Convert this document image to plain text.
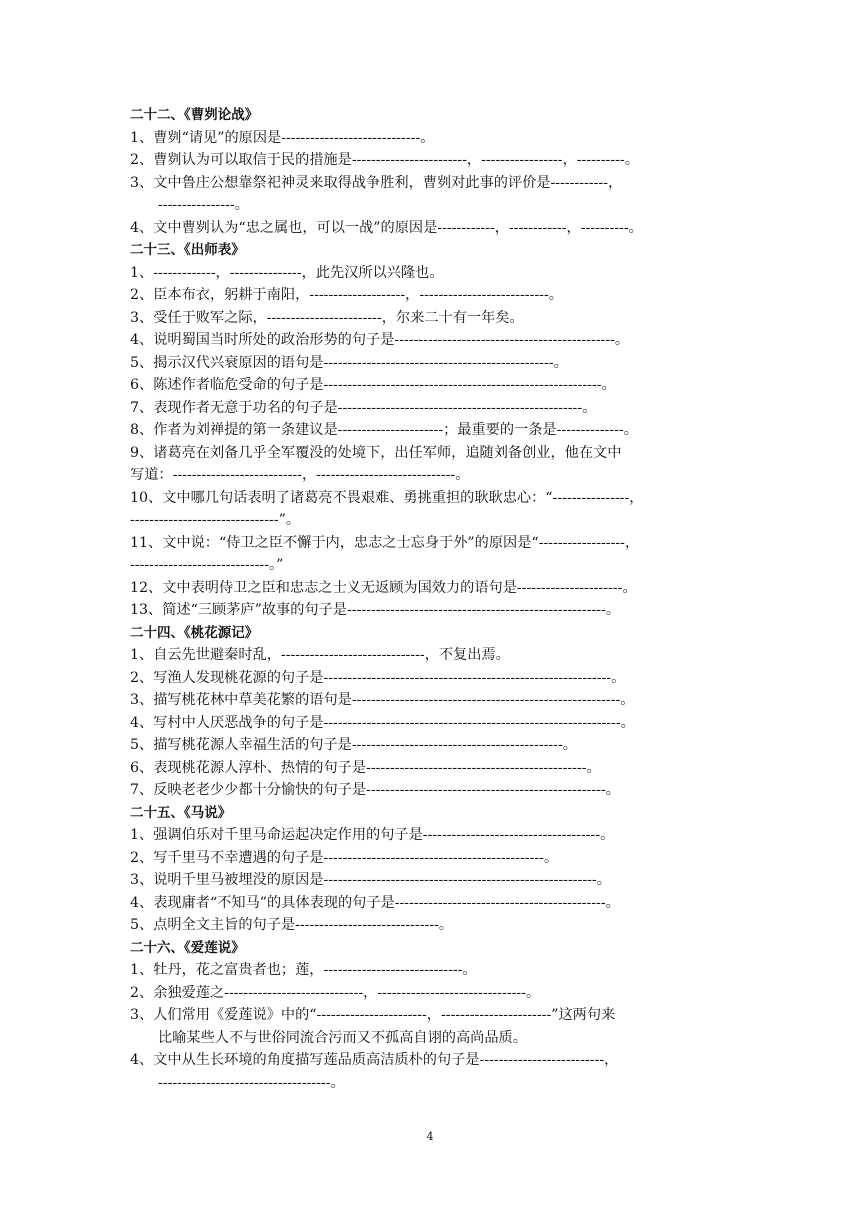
二十二、《曹刿论战》
1、曹刿“请见”的原因是-----------------------------。
2、曹刿认为可以取信于民的措施是------------------------，-----------------，----------。
3、文中鲁庄公想靠祭祀神灵来取得战争胜利，曹刿对此事的评价是------------，
----------------。
4、文中曹刿认为“忠之属也，可以一战”的原因是------------，------------，----------。
二十三、《出师表》
1、-------------，---------------，此先汉所以兴隆也。
2、臣本布衣，躬耕于南阳，--------------------，---------------------------。
3、受任于败军之际，------------------------，尔来二十有一年矣。
4、说明蜀国当时所处的政治形势的句子是----------------------------------------------。
5、揭示汉代兴衰原因的语句是------------------------------------------------。
6、陈述作者临危受命的句子是----------------------------------------------------------。
7、表现作者无意于功名的句子是---------------------------------------------------。
8、作者为刘禅提的第一条建议是----------------------；最重要的一条是--------------。
9、诸葛亮在刘备几乎全军覆没的处境下，出任军师，追随刘备创业，他在文中
写道：---------------------------，-----------------------------。
10、文中哪几句话表明了诸葛亮不畏艰难、勇挑重担的耿耿忠心：“----------------，
-------------------------------”。
11、文中说：“侍卫之臣不懈于内，忠志之士忘身于外”的原因是“------------------，
-----------------------------。”
12、文中表明侍卫之臣和忠志之士义无返顾为国效力的语句是----------------------。
13、简述“三顾茅庐”故事的句子是------------------------------------------------------。
二十四、《桃花源记》
1、自云先世避秦时乱，------------------------------，不复出焉。
2、写渔人发现桃花源的句子是------------------------------------------------------------。
3、描写桃花林中草美花繁的语句是--------------------------------------------------------。
4、写村中人厌恶战争的句子是--------------------------------------------------------------。
5、描写桃花源人幸福生活的句子是--------------------------------------------。
6、表现桃花源人淳朴、热情的句子是----------------------------------------------。
7、反映老老少少都十分愉快的句子是--------------------------------------------------。
二十五、《马说》
1、强调伯乐对千里马命运起决定作用的句子是-------------------------------------。
2、写千里马不幸遭遇的句子是----------------------------------------------。
3、说明千里马被埋没的原因是---------------------------------------------------------。
4、表现庸者“不知马”的具体表现的句子是--------------------------------------------。
5、点明全文主旨的句子是------------------------------。
二十六、《爱莲说》
1、牡丹，花之富贵者也；莲，-----------------------------。
2、余独爱莲之-----------------------------，-------------------------------。
3、人们常用《爱莲说》中的“-----------------------，-----------------------”这两句来
比喻某些人不与世俗同流合污而又不孤高自诩的高尚品质。
4、文中从生长环境的角度描写莲品质高洁质朴的句子是--------------------------，
------------------------------------。
4
